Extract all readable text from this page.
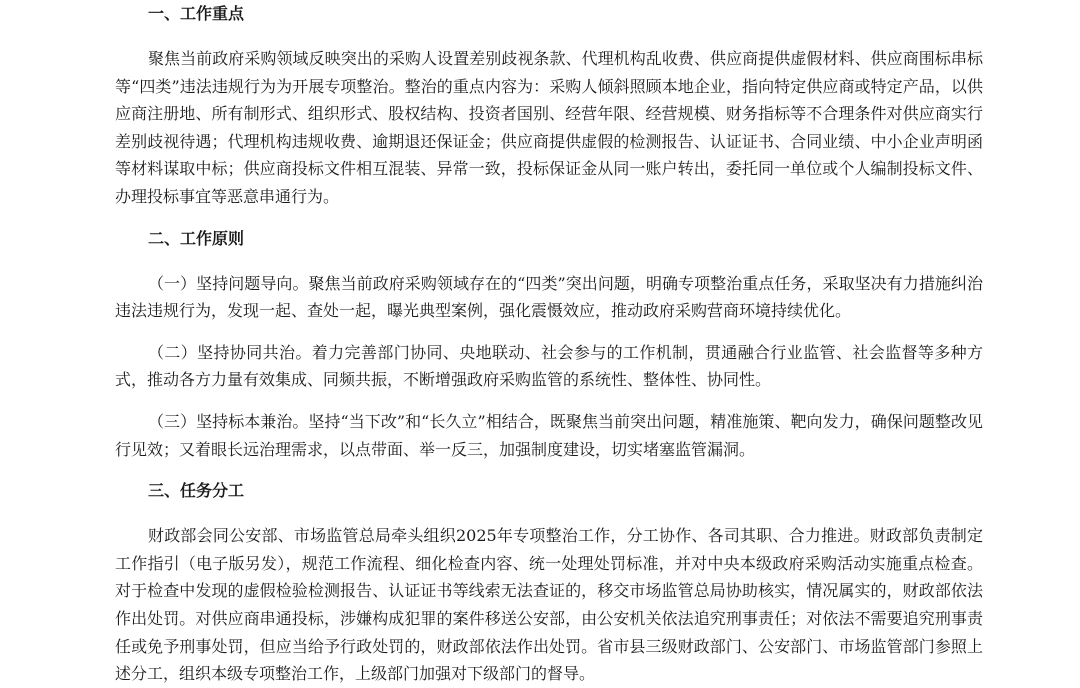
一、工作重点

聚焦当前政府采购领域反映突出的采购人设置差别歧视条款、代理机构乱收费、供应商提供虚假材料、供应商围标串标等“四类”违法违规行为为开展专项整治。整治的重点内容为：采购人倾斜照顾本地企业，指向特定供应商或特定产品，以供应商注册地、所有制形式、组织形式、股权结构、投资者国别、经营年限、经营规模、财务指标等不合理条件对供应商实行差别歧视待遇；代理机构违规收费、逾期退还保证金；供应商提供虚假的检测报告、认证证书、合同业绩、中小企业声明函等材料谋取中标；供应商投标文件相互混装、异常一致，投标保证金从同一账户转出，委托同一单位或个人编制投标文件、办理投标事宜等恶意串通行为。

二、工作原则

（一）坚持问题导向。聚焦当前政府采购领域存在的“四类”突出问题，明确专项整治重点任务，采取坚决有力措施纠治违法违规行为，发现一起、查处一起，曝光典型案例，强化震慑效应，推动政府采购营商环境持续优化。

（二）坚持协同共治。着力完善部门协同、央地联动、社会参与的工作机制，贯通融合行业监管、社会监督等多种方式，推动各方力量有效集成、同频共振，不断增强政府采购监管的系统性、整体性、协同性。

（三）坚持标本兼治。坚持“当下改”和“长久立”相结合，既聚焦当前突出问题，精准施策、靶向发力，确保问题整改见行见效；又着眼长远治理需求，以点带面、举一反三，加强制度建设，切实堵塞监管漏洞。

三、任务分工

财政部会同公安部、市场监管总局牵头组织2025年专项整治工作，分工协作、各司其职、合力推进。财政部负责制定工作指引（电子版另发），规范工作流程、细化检查内容、统一处理处罚标准，并对中央本级政府采购活动实施重点检查。对于检查中发现的虚假检验检测报告、认证证书等线索无法查证的，移交市场监管总局协助核实，情况属实的，财政部依法作出处罚。对供应商串通投标，涉嫌构成犯罪的案件移送公安部，由公安机关依法追究刑事责任；对依法不需要追究刑事责任或免予刑事处罚，但应当给予行政处罚的，财政部依法作出处罚。省市县三级财政部门、公安部门、市场监管部门参照上述分工，组织本级专项整治工作，上级部门加强对下级部门的督导。
